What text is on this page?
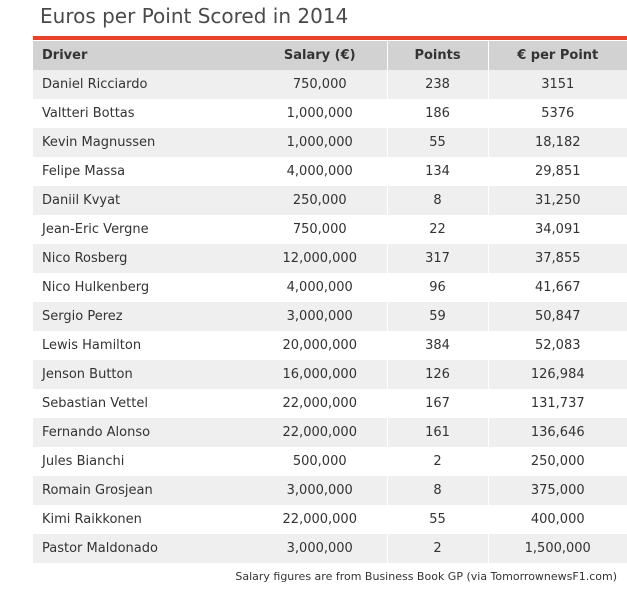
Euros per Point Scored in 2014
Driver	Salary (€)	Points	€ per Point
Daniel Ricciardo	750,000	238	3151
Valtteri Bottas	1,000,000	186	5376
Kevin Magnussen	1,000,000	55	18,182
Felipe Massa	4,000,000	134	29,851
Daniil Kvyat	250,000	8	31,250
Jean-Eric Vergne	750,000	22	34,091
Nico Rosberg	12,000,000	317	37,855
Nico Hulkenberg	4,000,000	96	41,667
Sergio Perez	3,000,000	59	50,847
Lewis Hamilton	20,000,000	384	52,083
Jenson Button	16,000,000	126	126,984
Sebastian Vettel	22,000,000	167	131,737
Fernando Alonso	22,000,000	161	136,646
Jules Bianchi	500,000	2	250,000
Romain Grosjean	3,000,000	8	375,000
Kimi Raikkonen	22,000,000	55	400,000
Pastor Maldonado	3,000,000	2	1,500,000
Salary figures are from Business Book GP (via TomorrownewsF1.com)
